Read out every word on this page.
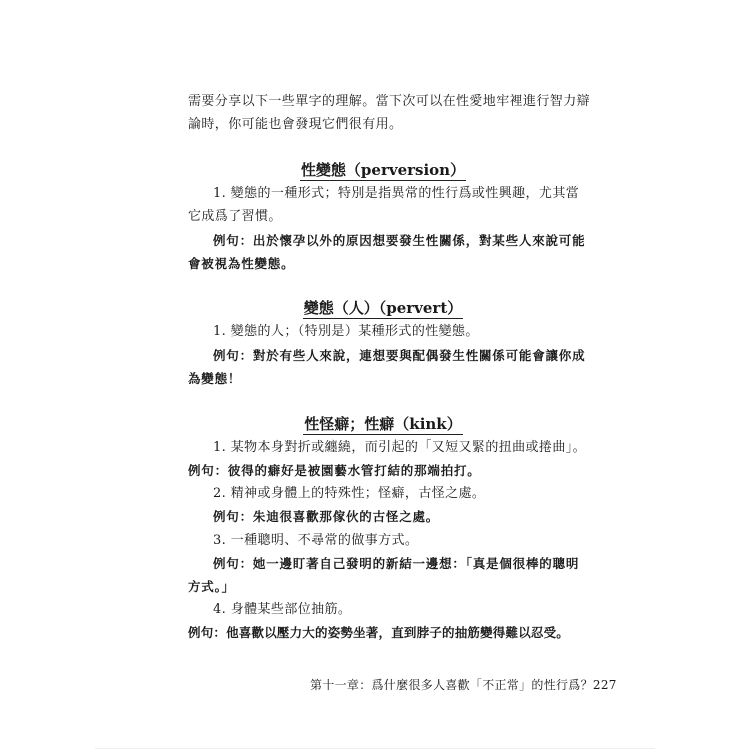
需要分享以下一些單字的理解。當下次可以在性愛地牢裡進行智力辯
論時，你可能也會發現它們很有用。
性變態（perversion）
1. 變態的一種形式；特別是指異常的性行爲或性興趣，尤其當
它成爲了習慣。
例句：出於懷孕以外的原因想要發生性關係，對某些人來說可能
會被視為性變態。
變態（人）（pervert）
1. 變態的人；（特別是）某種形式的性變態。
例句：對於有些人來說，連想要與配偶發生性關係可能會讓你成
為變態！
性怪癖；性癖（kink）
1. 某物本身對折或纏繞，而引起的「又短又緊的扭曲或捲曲」。
例句：彼得的癖好是被園藝水管打結的那端拍打。
2. 精神或身體上的特殊性；怪癖，古怪之處。
例句：朱迪很喜歡那傢伙的古怪之處。
3. 一種聰明、不尋常的做事方式。
例句：她一邊盯著自己發明的新結一邊想：「真是個很棒的聰明
方式。」
4. 身體某些部位抽筋。
例句：他喜歡以壓力大的姿勢坐著，直到脖子的抽筋變得難以忍受。
第十一章：爲什麼很多人喜歡「不正常」的性行爲？ 227
